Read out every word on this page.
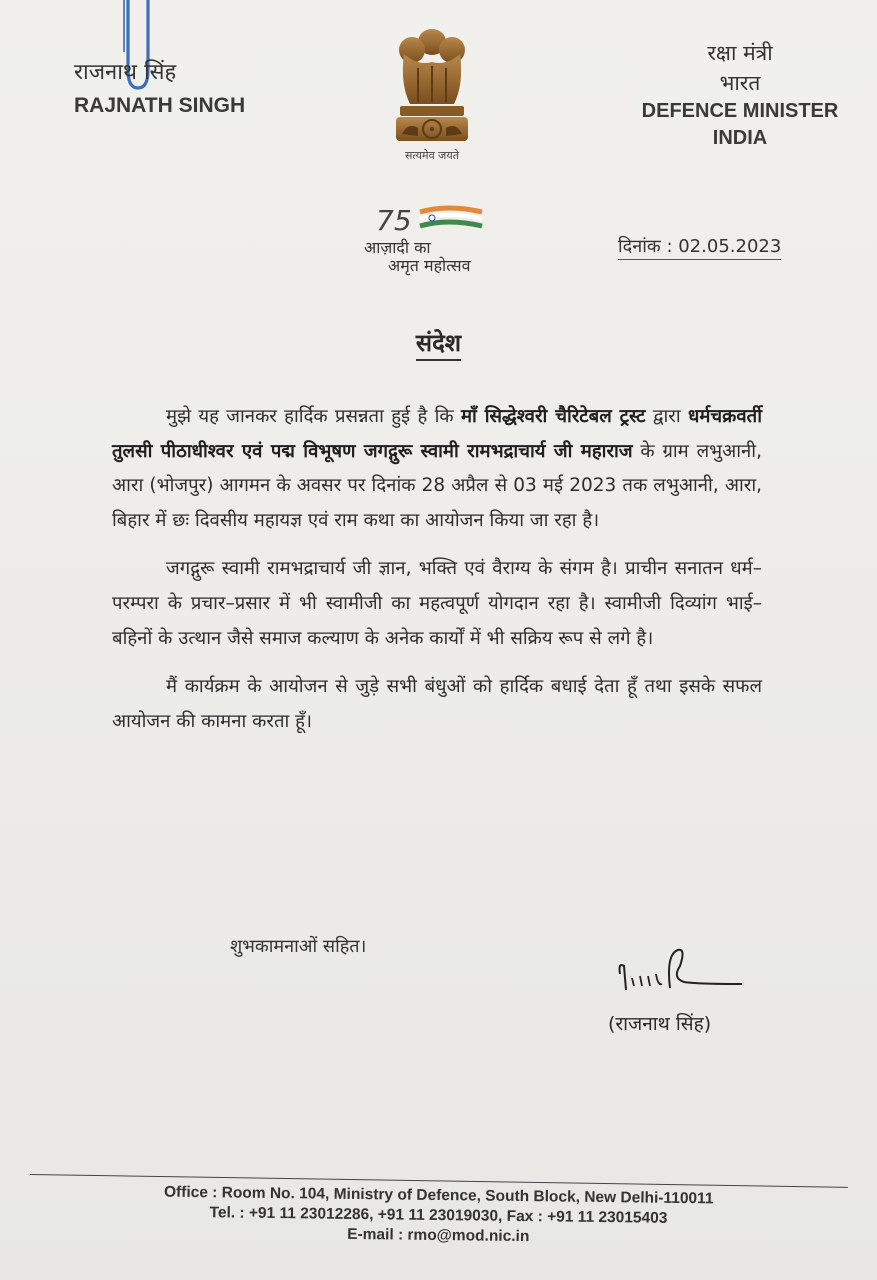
राजनाथ सिंह
RAJNATH SINGH
सत्यमेव जयते
रक्षा मंत्री
भारत
DEFENCE MINISTER
INDIA
75
आज़ादी का
अमृत महोत्सव
दिनांक : 02.05.2023
संदेश

मुझे यह जानकर हार्दिक प्रसन्नता हुई है कि माँ सिद्धेश्वरी चैरिटेबल ट्रस्ट द्वारा धर्मचक्रवर्ती तुलसी पीठाधीश्वर एवं पद्म विभूषण जगद्गुरू स्वामी रामभद्राचार्य जी महाराज के ग्राम लभुआनी, आरा (भोजपुर) आगमन के अवसर पर दिनांक 28 अप्रैल से 03 मई 2023 तक लभुआनी, आरा, बिहार में छः दिवसीय महायज्ञ एवं राम कथा का आयोजन किया जा रहा है।

जगद्गुरू स्वामी रामभद्राचार्य जी ज्ञान, भक्ति एवं वैराग्य के संगम है। प्राचीन सनातन धर्म–परम्परा के प्रचार–प्रसार में भी स्वामीजी का महत्वपूर्ण योगदान रहा है। स्वामीजी दिव्यांग भाई–बहिनों के उत्थान जैसे समाज कल्याण के अनेक कार्यों में भी सक्रिय रूप से लगे है।

मैं कार्यक्रम के आयोजन से जुड़े सभी बंधुओं को हार्दिक बधाई देता हूँ तथा इसके सफल आयोजन की कामना करता हूँ।

शुभकामनाओं सहित।
(राजनाथ सिंह)
Office : Room No. 104, Ministry of Defence, South Block, New Delhi-110011
Tel. : +91 11 23012286, +91 11 23019030, Fax : +91 11 23015403
E-mail : rmo@mod.nic.in
